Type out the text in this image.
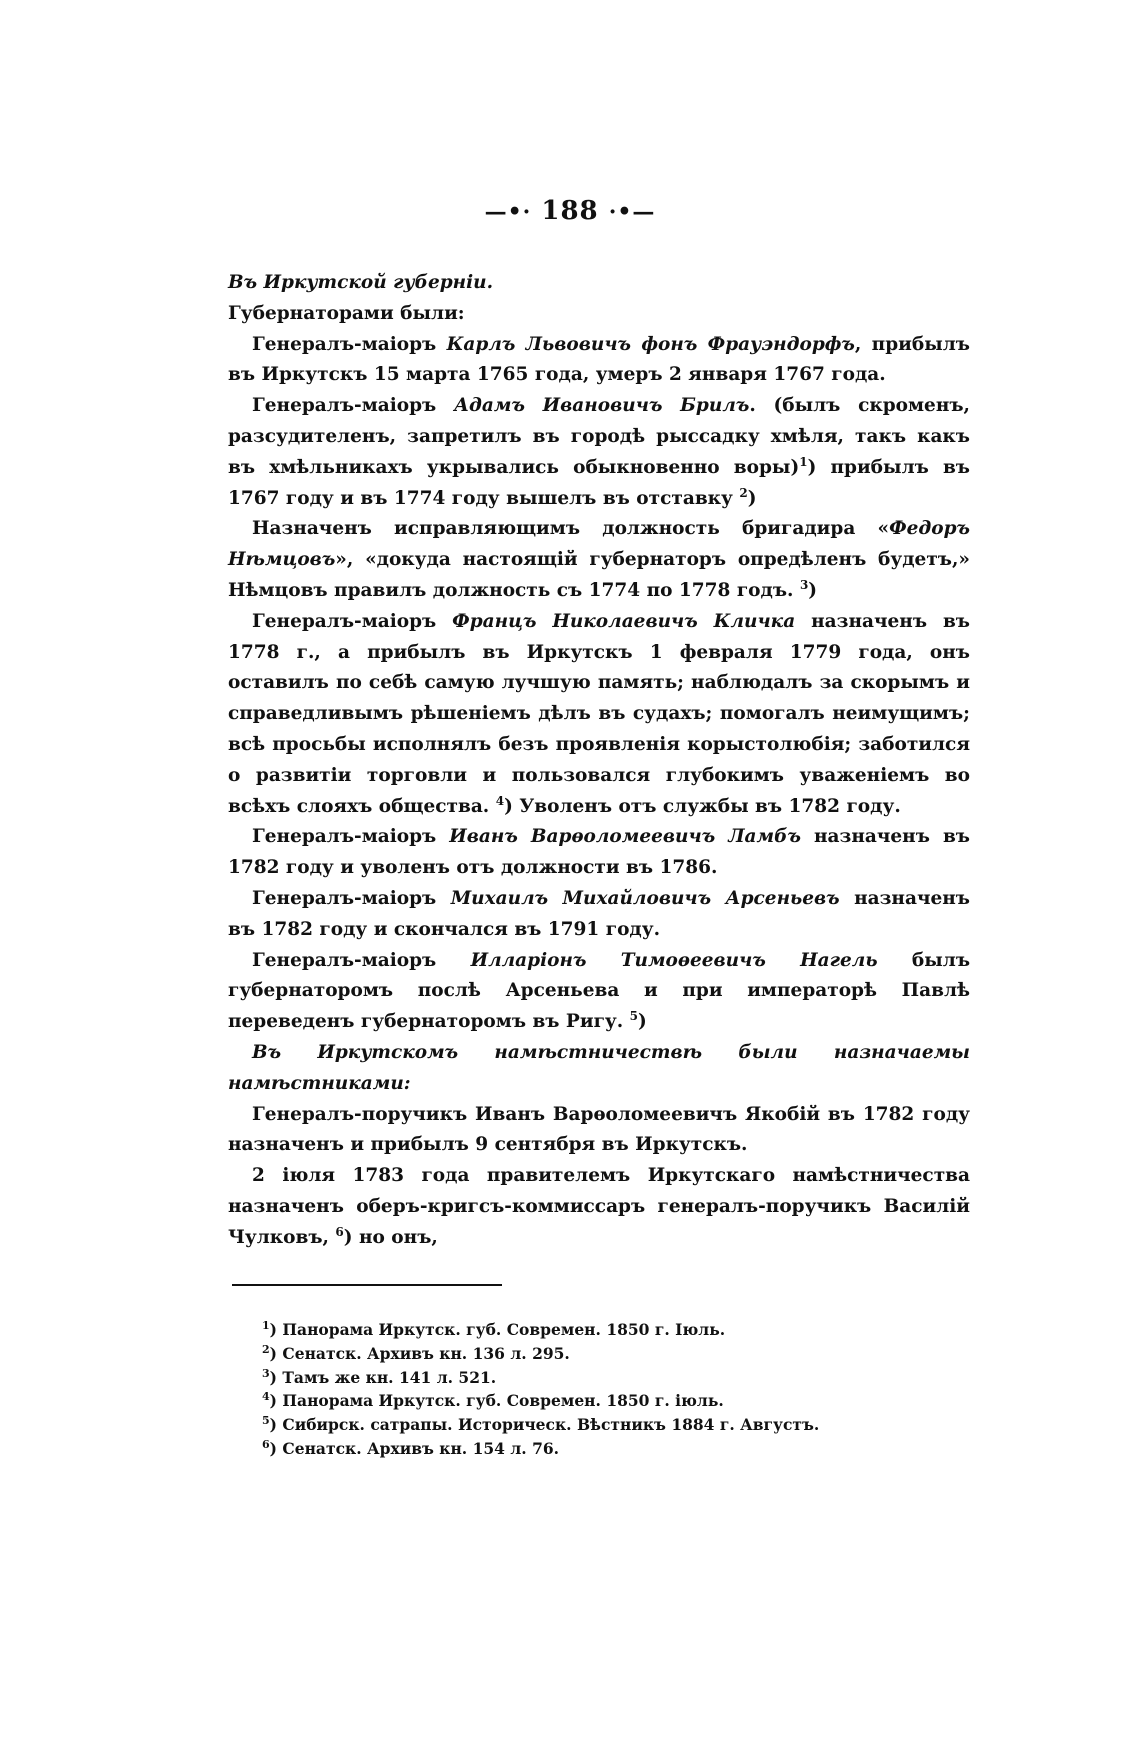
—•· 188 ·•—

Въ Иркутской губерніи.

Губернаторами были:

Генералъ-маіоръ Карлъ Львовичъ фонъ Фрауэндорфъ, прибылъ въ Иркутскъ 15 марта 1765 года, умеръ 2 января 1767 года.

Генералъ-маіоръ Адамъ Ивановичъ Брилъ. (былъ скроменъ, разсудителенъ, запретилъ въ городѣ рыссадку хмѣля, такъ какъ въ хмѣльникахъ укрывались обыкновенно воры)$^1$) прибылъ въ 1767 году и въ 1774 году вышелъ въ отставку $^2$)

Назначенъ исправляющимъ должность бригадира «Федоръ Нѣмцовъ», «докуда настоящій губернаторъ опредѣленъ будетъ,» Нѣмцовъ правилъ должность съ 1774 по 1778 годъ. $^3$)

Генералъ-маіоръ Францъ Николаевичъ Кличка назначенъ въ 1778 г., а прибылъ въ Иркутскъ 1 февраля 1779 года, онъ оставилъ по себѣ самую лучшую память; наблюдалъ за скорымъ и справедливымъ рѣшеніемъ дѣлъ въ судахъ; помогалъ неимущимъ; всѣ просьбы исполнялъ безъ проявленія корыстолюбія; заботился о развитіи торговли и пользовался глубокимъ уваженіемъ во всѣхъ слояхъ общества. $^4$) Уволенъ отъ службы въ 1782 году.

Генералъ-маіоръ Иванъ Варѳоломеевичъ Ламбъ назначенъ въ 1782 году и уволенъ отъ должности въ 1786.

Генералъ-маіоръ Михаилъ Михайловичъ Арсеньевъ назначенъ въ 1782 году и скончался въ 1791 году.

Генералъ-маіоръ Илларіонъ Тимоѳеевичъ Нагель былъ губернаторомъ послѣ Арсеньева и при императорѣ Павлѣ переведенъ губернаторомъ въ Ригу. $^5$)

Въ Иркутскомъ намѣстничествѣ были назначаемы намѣстниками:

Генералъ-поручикъ Иванъ Варѳоломеевичъ Якобій въ 1782 году назначенъ и прибылъ 9 сентября въ Иркутскъ.

2 іюля 1783 года правителемъ Иркутскаго намѣстничества назначенъ оберъ-кригсъ-коммиссаръ генералъ-поручикъ Василій Чулковъ, $^6$) но онъ,

$^1$) Панорама Иркутск. губ. Современ. 1850 г. Іюль.

$^2$) Сенатск. Архивъ кн. 136 л. 295.

$^3$) Тамъ же кн. 141 л. 521.

$^4$) Панорама Иркутск. губ. Современ. 1850 г. іюль.

$^5$) Сибирск. сатрапы. Историческ. Вѣстникъ 1884 г. Августъ.

$^6$) Сенатск. Архивъ кн. 154 л. 76.
